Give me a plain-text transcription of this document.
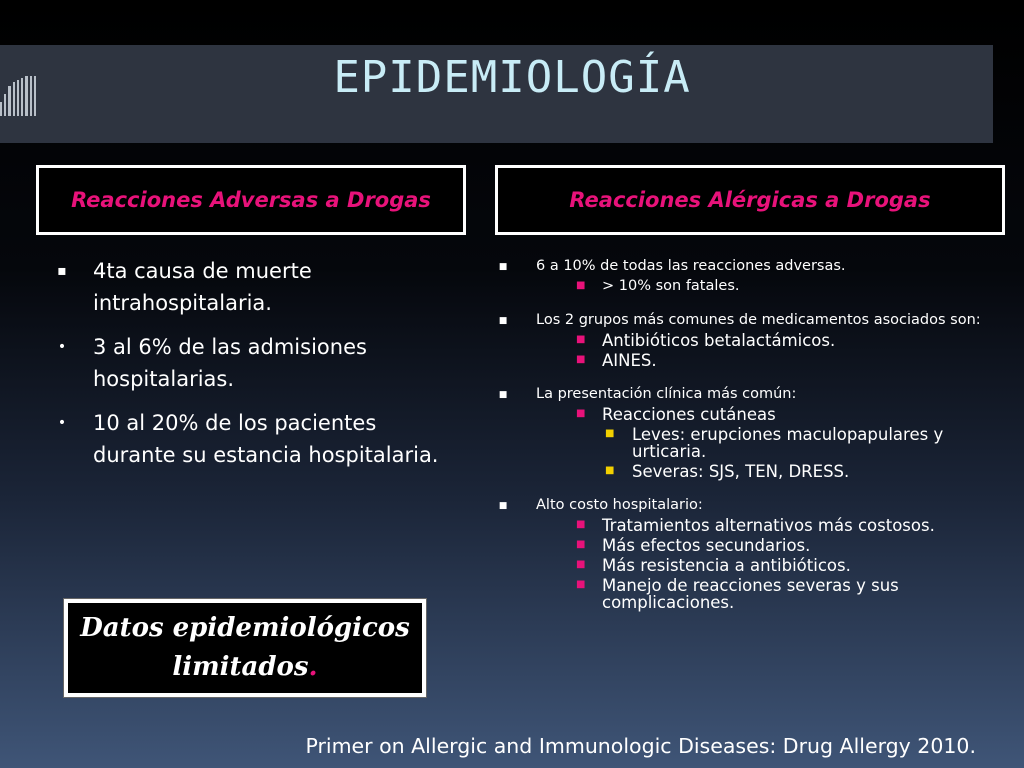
EPIDEMIOLOGÍA
Reacciones Adversas a Drogas	Reacciones Alérgicas a Drogas
▪ 4ta causa de muerte intrahospitalaria.
• 3 al 6% de las admisiones hospitalarias.
• 10 al 20% de los pacientes durante su estancia hospitalaria.
■ 6 a 10% de todas las reacciones adversas.
■ > 10% son fatales.
■ Los 2 grupos más comunes de medicamentos asociados son:
■ Antibióticos betalactámicos.
■ AINES.
■ La presentación clínica más común:
■ Reacciones cutáneas
■ Leves: erupciones maculopapulares y urticaria.
■ Severas: SJS, TEN, DRESS.
■ Alto costo hospitalario:
■ Tratamientos alternativos más costosos.
■ Más efectos secundarios.
■ Más resistencia a antibióticos.
■ Manejo de reacciones severas y sus complicaciones.
Datos epidemiológicos
limitados.
Primer on Allergic and Immunologic Diseases: Drug Allergy 2010.
